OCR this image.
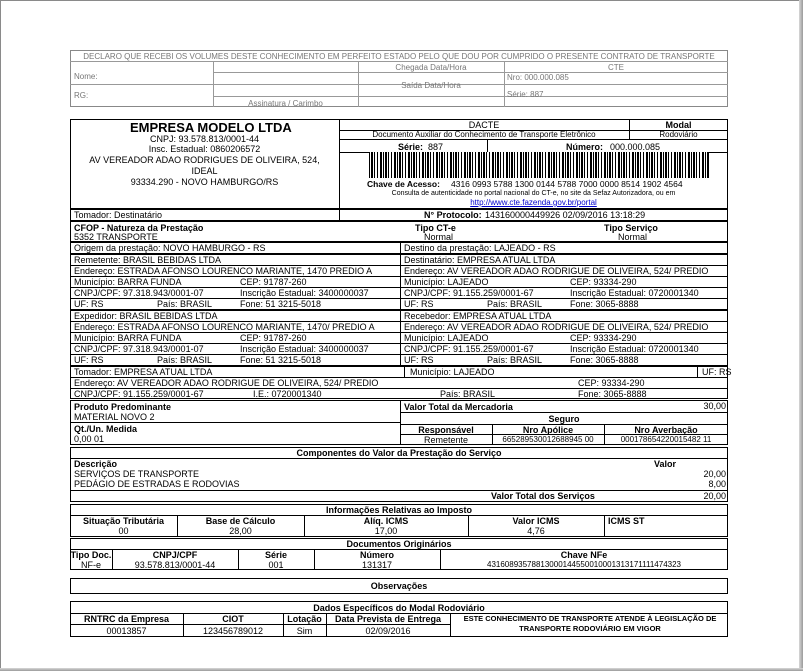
DECLARO QUE RECEBI OS VOLUMES DESTE CONHECIMENTO EM PERFEITO ESTADO PELO QUE DOU POR CUMPRIDO O PRESENTE CONTRATO DE TRANSPORTE
Nome:
RG:
Assinatura / Carimbo
Chegada Data/Hora
Saída Data/Hora
CTE
Nro: 000.000.085
Série: 887
EMPRESA MODELO LTDA
CNPJ: 93.578.813/0001-44
Insc. Estadual: 0860206572
AV VEREADOR ADAO RODRIGUES DE OLIVEIRA, 524,
IDEAL
93334.290 - NOVO HAMBURGO/RS
DACTE
Documento Auxiliar do Conhecimento de Transporte Eletrônico
Modal
Rodoviário
Série: 887	Número: 000.000.085
Chave de Acesso: 4316 0993 5788 1300 0144 5788 7000 0000 8514 1902 4564
Consulta de autenticidade no portal nacional do CT-e, no site da Sefaz Autorizadora, ou em
http://www.cte.fazenda.gov.br/portal
Tomador: Destinatário	N° Protocolo: 143160000449926 02/09/2016 13:18:29
CFOP - Natureza da Prestação
5352 TRANSPORTE
Tipo CT-e
Normal
Tipo Serviço
Normal
Origem da prestação: NOVO HAMBURGO - RS	Destino da prestação: LAJEADO - RS
Remetente: BRASIL BEBIDAS LTDA
Endereço: ESTRADA AFONSO LOURENCO MARIANTE, 1470 PREDIO A
Município: BARRA FUNDA	CEP: 91787-260
CNPJ/CPF: 97.318.943/0001-07	Inscrição Estadual: 3400000037
UF: RS	País: BRASIL	Fone: 51 3215-5018
Destinatário: EMPRESA ATUAL LTDA
Endereço: AV VEREADOR ADAO RODRIGUE DE OLIVEIRA, 524/ PREDIO
Município: LAJEADO	CEP: 93334-290
CNPJ/CPF: 91.155.259/0001-67	Inscrição Estadual: 0720001340
UF: RS	País: BRASIL	Fone: 3065-8888
Expedidor: BRASIL BEBIDAS LTDA
Endereço: ESTRADA AFONSO LOURENCO MARIANTE, 1470/ PREDIO A
Município: BARRA FUNDA	CEP: 91787-260
CNPJ/CPF: 97.318.943/0001-07	Inscrição Estadual: 3400000037
UF: RS	País: BRASIL	Fone: 51 3215-5018
Recebedor: EMPRESA ATUAL LTDA
Endereço: AV VEREADOR ADAO RODRIGUE DE OLIVEIRA, 524/ PREDIO
Município: LAJEADO	CEP: 93334-290
CNPJ/CPF: 91.155.259/0001-67	Inscrição Estadual: 0720001340
UF: RS	País: BRASIL	Fone: 3065-8888
Tomador: EMPRESA ATUAL LTDA	Município: LAJEADO	UF: RS
Endereço: AV VEREADOR ADAO RODRIGUE DE OLIVEIRA, 524/ PREDIO	CEP: 93334-290
CNPJ/CPF: 91.155.259/0001-67	I.E.: 0720001340	País: BRASIL	Fone: 3065-8888
Produto Predominante
MATERIAL NOVO 2
Qt./Un. Medida
0,00 01
Valor Total da Mercadoria	30,00
Seguro
Responsável	Nro Apólice	Nro Averbação
Remetente	665289530012688945 00	000178654220015482 11
Componentes do Valor da Prestação do Serviço
Descrição	Valor
SERVIÇOS DE TRANSPORTE	20,00
PEDÁGIO DE ESTRADAS E RODOVIAS	8,00
Valor Total dos Serviços	20,00
Informações Relativas ao Imposto
Situação Tributária	Base de Cálculo	Alíq. ICMS	Valor ICMS	ICMS ST
00	28,00	17,00	4,76
Documentos Originários
Tipo Doc.	CNPJ/CPF	Série	Número	Chave NFe
NF-e	93.578.813/0001-44	001	131317	43160893578813000144550010001313171111474323
Observações
Dados Específicos do Modal Rodoviário
RNTRC da Empresa	CIOT	Lotação	Data Prevista de Entrega
00013857	123456789012	Sim	02/09/2016
ESTE CONHECIMENTO DE TRANSPORTE ATENDE À LEGISLAÇÃO DE TRANSPORTE RODOVIÁRIO EM VIGOR
